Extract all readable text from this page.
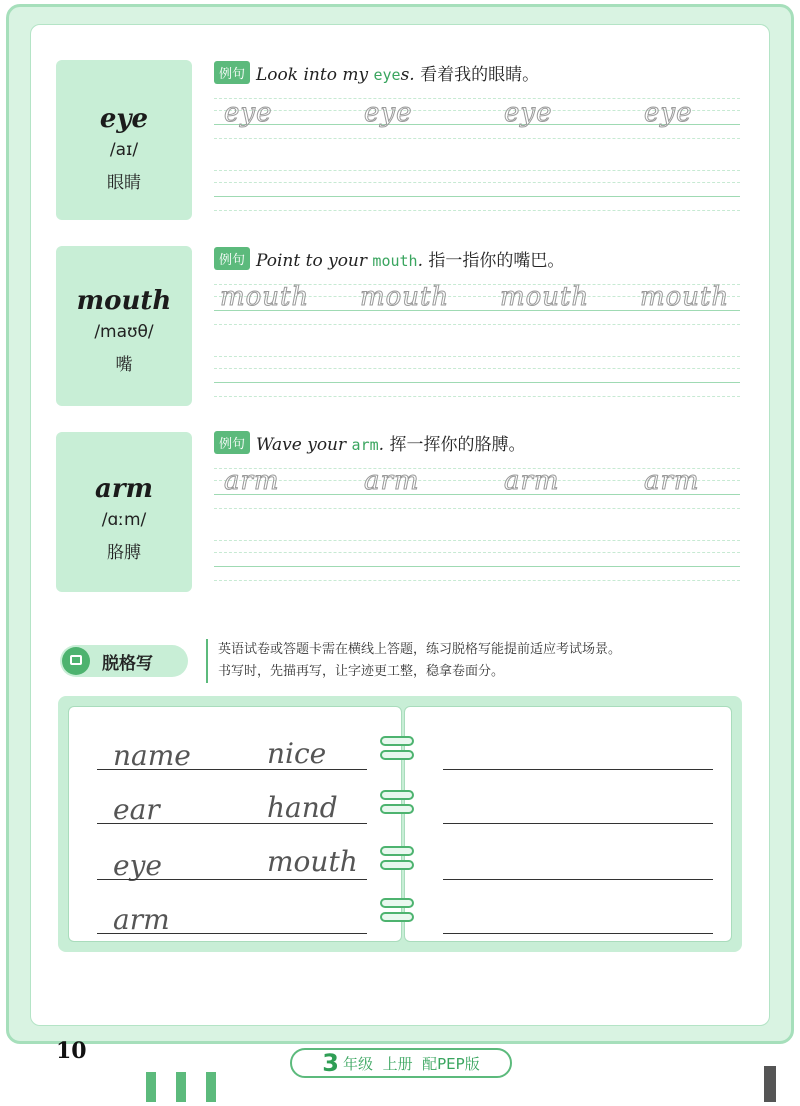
eye
/aɪ/
眼睛
例句 Look into my eyes. 看着我的眼睛。
eye	eye	eye	eye
mouth
/maʊθ/
嘴
例句 Point to your mouth. 指一指你的嘴巴。
mouth mouth mouth mouth
arm
/ɑːm/
胳膊
例句 Wave your arm. 挥一挥你的胳膊。
arm	arm	arm	arm
脱格写
英语试卷或答题卡需在横线上答题，练习脱格写能提前适应考试场景。
书写时，先描再写，让字迹更工整，稳拿卷面分。
name	nice
ear	hand
eye	mouth
arm
10	3 年级
上册
配PEP版
